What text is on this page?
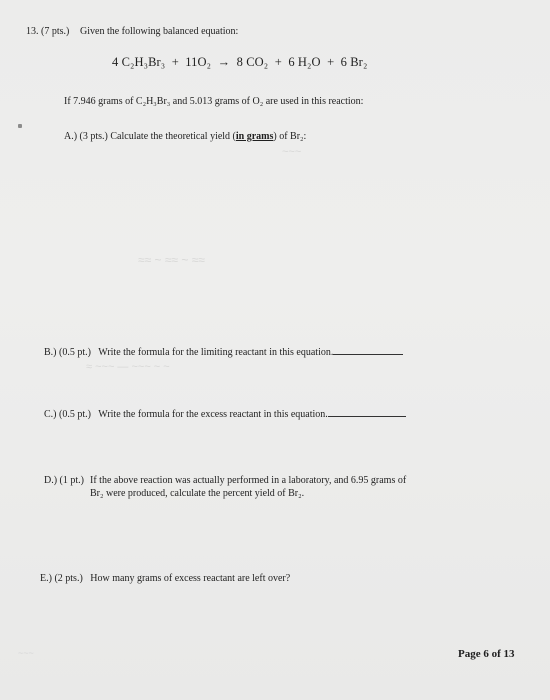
13. (7 pts.) Given the following balanced equation:
4 C₂H₃Br₃ + 11O₂ → 8 CO₂ + 6 H₂O + 6 Br₂
If 7.946 grams of C₂H₃Br₃ and 5.013 grams of O₂ are used in this reaction:
A.) (3 pts.) Calculate the theoretical yield (in grams) of Br₂:
~~~
≈≈ ~ ≈≈ ~ ≈≈
≈ ~~~ — ~~~ ~ ~
~~~
B.) (0.5 pt.) Write the formula for the limiting reactant in this equation.
C.) (0.5 pt.) Write the formula for the excess reactant in this equation.
D.) (1 pt.) If the above reaction was actually performed in a laboratory, and 6.95 grams of
Br₂ were produced, calculate the percent yield of Br₂.
E.) (2 pts.) How many grams of excess reactant are left over?
Page 6 of 13
